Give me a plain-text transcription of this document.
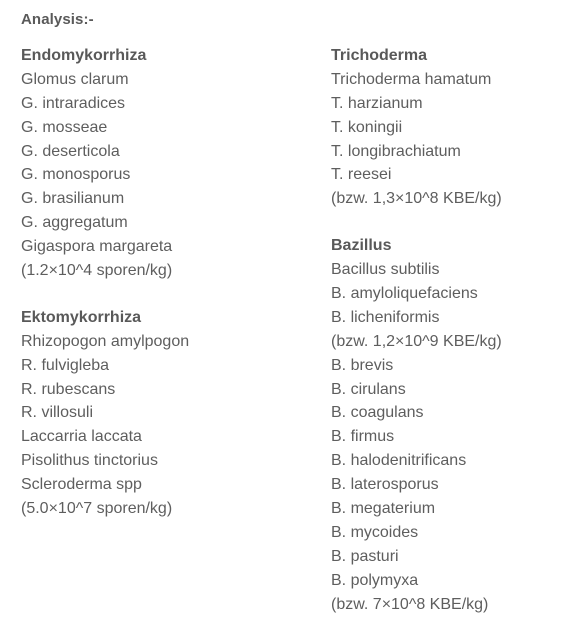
Analysis:-
Endomykorrhiza
Glomus clarum
G. intraradices
G. mosseae
G. deserticola
G. monosporus
G. brasilianum
G. aggregatum
Gigaspora margareta
(1.2×10^4 sporen/kg)
Ektomykorrhiza
Rhizopogon amylpogon
R. fulvigleba
R. rubescans
R. villosuli
Laccarria laccata
Pisolithus tinctorius
Scleroderma spp
(5.0×10^7 sporen/kg)
Trichoderma
Trichoderma hamatum
T. harzianum
T. koningii
T. longibrachiatum
T. reesei
(bzw. 1,3×10^8 KBE/kg)
Bazillus
Bacillus subtilis
B. amyloliquefaciens
B. licheniformis
(bzw. 1,2×10^9 KBE/kg)
B. brevis
B. cirulans
B. coagulans
B. firmus
B. halodenitrificans
B. laterosporus
B. megaterium
B. mycoides
B. pasturi
B. polymyxa
(bzw. 7×10^8 KBE/kg)
